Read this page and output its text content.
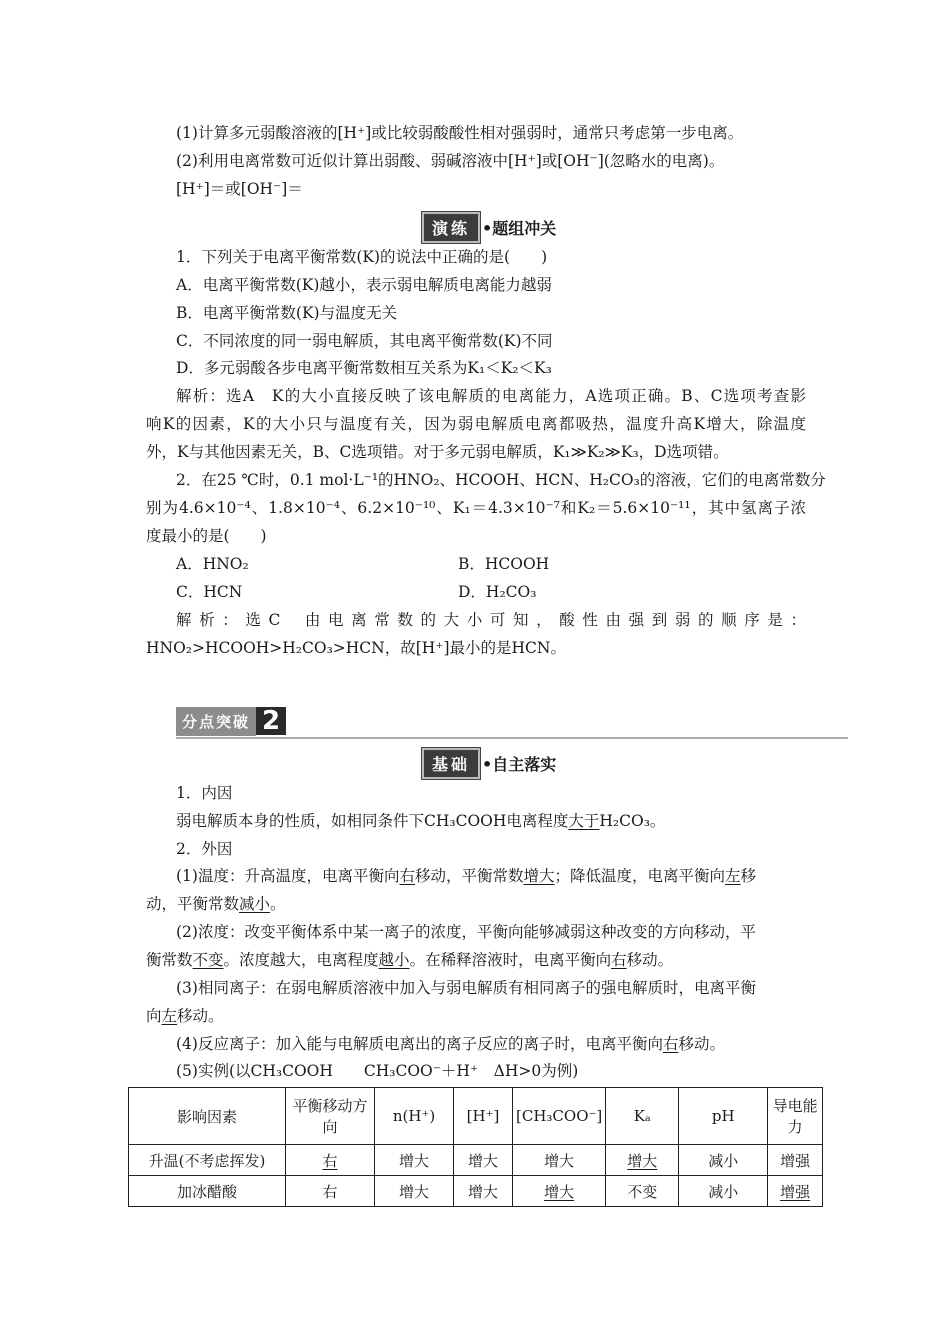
(1)计算多元弱酸溶液的[H⁺]或比较弱酸酸性相对强弱时，通常只考虑第一步电离。
(2)利用电离常数可近似计算出弱酸、弱碱溶液中[H⁺]或[OH⁻](忽略水的电离)。
[H⁺]＝或[OH⁻]＝
演练 •题组冲关
1．下列关于电离平衡常数(K)的说法中正确的是(　　)
A．电离平衡常数(K)越小，表示弱电解质电离能力越弱
B．电离平衡常数(K)与温度无关
C．不同浓度的同一弱电解质，其电离平衡常数(K)不同
D．多元弱酸各步电离平衡常数相互关系为K₁＜K₂＜K₃
解析：选A　K的大小直接反映了该电解质的电离能力，A选项正确。B、C选项考查影
响K的因素，K的大小只与温度有关，因为弱电解质电离都吸热，温度升高K增大，除温度
外，K与其他因素无关，B、C选项错。对于多元弱电解质，K₁≫K₂≫K₃，D选项错。
2．在25 ℃时，0.1 mol·L⁻¹的HNO₂、HCOOH、HCN、H₂CO₃的溶液，它们的电离常数分
别为4.6×10⁻⁴、1.8×10⁻⁴、6.2×10⁻¹⁰、K₁＝4.3×10⁻⁷和K₂＝5.6×10⁻¹¹，其中氢离子浓
度最小的是(　　)
A．HNO₂	B．HCOOH
C．HCN	D．H₂CO₃
解 析 ： 选 C　 由 电 离 常 数 的 大 小 可 知 ， 酸 性 由 强 到 弱 的 顺 序 是 ：
HNO₂>HCOOH>H₂CO₃>HCN，故[H⁺]最小的是HCN。
分点突破 2
基础 •自主落实
1．内因
弱电解质本身的性质，如相同条件下CH₃COOH电离程度大于H₂CO₃。
2．外因
(1)温度：升高温度，电离平衡向右移动，平衡常数增大；降低温度，电离平衡向左移
动，平衡常数减小。
(2)浓度：改变平衡体系中某一离子的浓度，平衡向能够减弱这种改变的方向移动，平
衡常数不变。浓度越大，电离程度越小。在稀释溶液时，电离平衡向右移动。
(3)相同离子：在弱电解质溶液中加入与弱电解质有相同离子的强电解质时，电离平衡
向左移动。
(4)反应离子：加入能与电解质电离出的离子反应的离子时，电离平衡向右移动。
(5)实例(以CH₃COOH　　CH₃COO⁻＋H⁺　ΔH>0为例)
影响因素	平衡移动方向	n(H⁺)	[H⁺]	[CH₃COO⁻]	Kₐ	pH	导电能力
升温(不考虑挥发)	右	增大	增大	增大	增大	减小	增强
加冰醋酸	右	增大	增大	增大	不变	减小	增强
